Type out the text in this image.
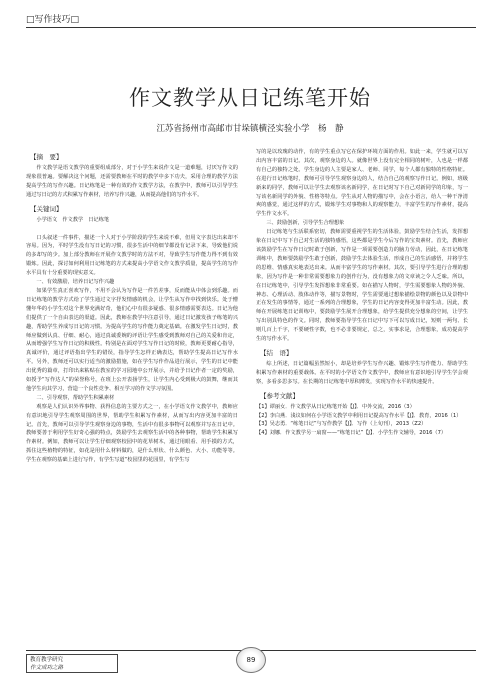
□写作技巧□
作文教学从日记练笔开始
江苏省扬州市高邮市甘垛镇横泾实验小学　杨　静
【摘　要】

作文教学是语文教学的重要组成部分，对于小学生来说作文是一道难题，讨厌写作文的现象很普遍。要解决这个问题，还需要教师在平时的教学中多下功夫，采用合理的教学方法提高学生的写作兴趣。日记练笔是一种有效的作文教学方法，在教学中，教师可以引导学生通过写日记的方式积累写作素材，培养写作兴趣，从而提高他们的写作水平。

【关键词】

小学语文　作文教学　日记练笔

口头叙述一件事件，描述一个人对于小学阶段的学生来说不难，但用文字表达出来却不容易。因为，平时学生没有写日记的习惯，很多生活中的细节都没有记录下来，导致他们说的多却写的少。加上部分教师在开展作文教学时的方法不对，导致学生写作能力得不到有效锻炼。因此，探讨如何利用日记练笔的方式来提高小学语文作文教学质量，提高学生的写作水平具有十分重要的现实意义。

一、有效激励，培养日记写作兴趣

如果学生真正喜欢写作，不用不会认为写作是一件苦差事，反而能从中体会到乐趣。而日记练笔的教学方式给了学生通过文字抒发情感的机会，让学生从写作中找到快乐。处于懵懂年华的小学生对这个世界充满好奇，他们心中有很多疑惑、很多情感需要表达。日记为他们提供了一个自由表达的渠道。因此，教师在教学中注意引导，通过日记激发孩子练笔的兴趣，帮助学生养成写日记的习惯。为提高学生的写作能力奠定基础。在激发学生日记时，教师应做到认真、仔细、耐心，通过真诚委婉的评语让学生感受到教师对自己的关爱和肯定，从而增强学生写作日记的积极性。特别是在面对学生写作日记的时候，教师更要耐心指导，真诚评价，通过评语指出学生的错误，指导学生怎样正确表达，帮助学生提高日记写作水平。另外，教师还可以实行适当的激励措施，如在学生写作作品进行展示，学生的日记中能出优秀的篇章，打印出来粘贴在教室的学习园地中公开展示，并给予日记作者一定的奖励，如授予“写作达人”的荣誉称号，在班上公开表扬学生，让学生内心受到极大的鼓舞，继而其他学生向其学习，营造一个良性竞争、相互学习的作文学习氛围。

二、引导观察，帮助学生积累素材

观察是人们认识外界事物、获得信息的主要方式之一，在小学语文作文教学中，教师应有意识地引导学生观察周围的世界，帮助学生积累写作素材，从而写出内容更加丰富的日记。首先，教师可以引导学生观察身边的事物，生活中有很多事物可以观察并写在日记中。教师要善于利用学生好奇心强的特点，鼓励学生去观察生活中的各种事物，帮助学生积累写作素材。例如，教师可以让学生仔细观察校园中的花草树木，通过用眼看、用手摸的方式，抓住这些植物的特征，如花是用什么材料做的，是什么形状、什么颜色、大小、功能等等。学生在观察的基础上进行写作，有学生写道“校园里的花园里，有学生写

写的是以玫瑰的动作，有的学生重点写它在保护环境方面的作用。如此一来，学生就可以写出内容丰富的日记。其次，观察身边的人。就像世界上没有完全相同的树叶，人也是一样都有自己的独特之处。学生身边的人主要是家人、老师、同学，每个人都有独特的性格特征。在进行日记练笔时，教师可引导学生观察身边的人，结合自己的观察写作日记。例如，班级新来的同学，教师可以让学生去观察该名新同学，在日记时写下自己对新同学的印象，写一写该名新同学的外貌、性格等特点。学生从对人物的描写中，会在小语言，给人一种干净清爽的感觉，通过这样的方式，锻炼学生对事物和人的观察能力，丰富学生的写作素材，提高学生作文水平。

三、鼓励创新，引导学生合理想象

日记练笔与生活联系密切，教师需要重视学生的生活体验，鼓励学生结合生活，发挥想象在日记中写下自己对生活的独特感悟，这些都是学生今后写作的宝贵素材。首先，教师应该鼓励学生在写作日记时敢于创新，写作是一项需要创造力的脑力劳动，因此，在日记练笔训练中，教师要鼓励学生敢于创新，鼓励学生去体验生活，形成自己的生活感悟，并将学生的思维、情感真实地表达出来。从而丰富学生的写作素材。其次，要引导学生进行合理的想象，因为写作是一种非常需要想象力的创作行为，没有想象力的文章读之令人乏味。所以，在日记练笔中，引导学生发挥想象非常重要。如在描写人物时，学生需要想象人物的外貌、神态、心理活动、肢体动作等，描写景物时，学生需要通过想象描绘景物的颜色以及景物中正在发生的事情等，通过一系列的合理想象，学生的日记内容变得更加丰富生动。因此，教师在开展练笔日记训练中，要鼓励学生展开合理想象，给学生提供充分想象的空间，让学生写出别具特色的作文。同时，教师要指导学生在日记中写下可以写成日记，短则一两句、长则几百上千字，不要硬性字数，也不必非要规定，总之，实事求是，合理想象，成功提高学生的写作水平。

【结　语】

综上所述，日记篇幅虽然短小，却是培养学生写作兴趣、锻炼学生写作能力、帮助学生积累写作素材的重要载体。在平时的小学语文作文教学中，教师应有意识地引导学生学会观察，多看多思多写。在长期的日记练笔中厚积薄发，实现写作水平的快速提升。

【参考文献】

【1】谭丽女．作文教学从日记练笔开始【J】．中外交流，2016（3）

【2】李白燕．浅议如何在小学语文教学中利用日记提高写作水平【J】．教育，2016（1）

【3】吴志勇．“练笔日记”与写作教学【J】．写作（上旬刊），2013（Z2）

【4】刘娜．作文教学另一扇窗——“练笔日记”【J】．小学生作文辅导，2016（7）

教育教学研究
作文成功之路
89
